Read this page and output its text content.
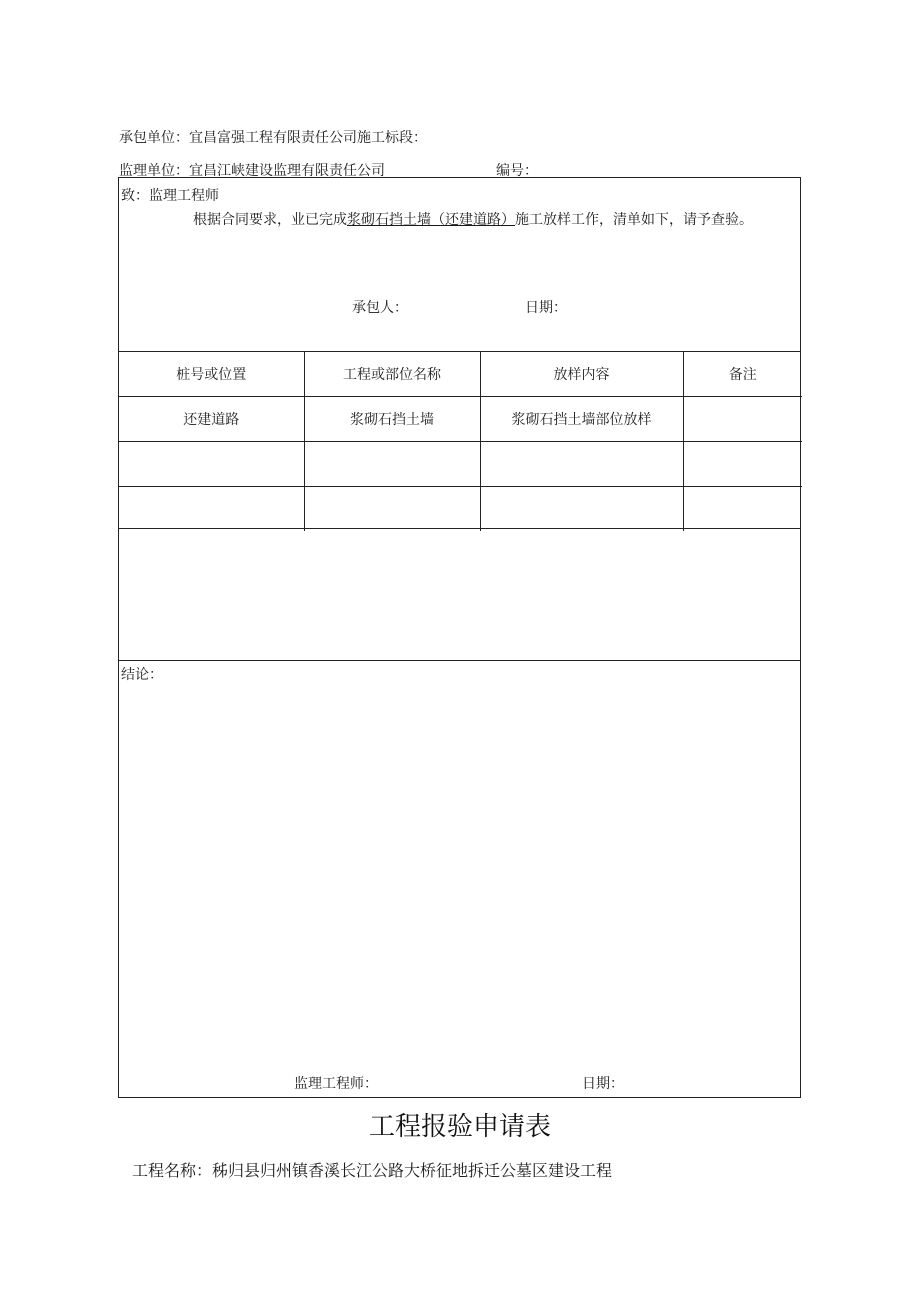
承包单位：宜昌富强工程有限责任公司施工标段：
监理单位：宜昌江峡建设监理有限责任公司	编号：
致：监理工程师
根据合同要求，业已完成浆砌石挡土墙（还建道路）施工放样工作，清单如下，请予查验。
承包人：	日期：
桩号或位置	工程或部位名称	放样内容	备注
还建道路	浆砌石挡土墙	浆砌石挡土墙部位放样	

结论：
监理工程师：	日期：
工程报验申请表
工程名称：秭归县归州镇香溪长江公路大桥征地拆迁公墓区建设工程
